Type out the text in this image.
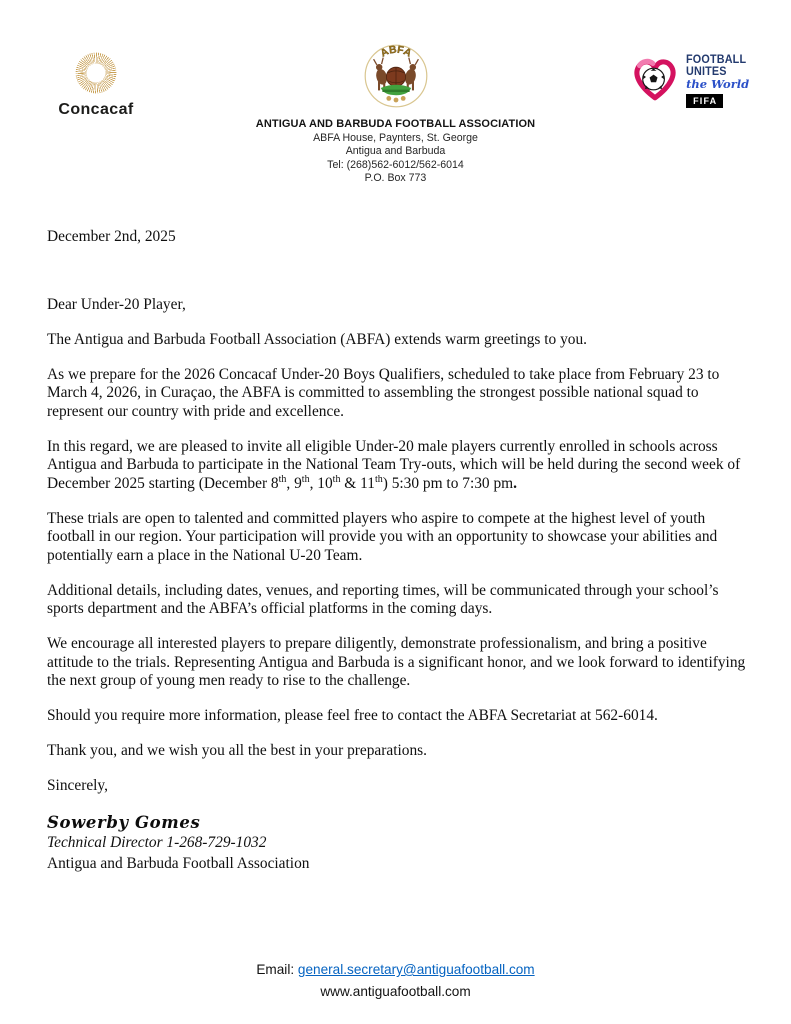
Concacaf
ABFA
ANTIGUA AND BARBUDA FOOTBALL ASSOCIATION
ABFA House, Paynters, St. George
Antigua and Barbuda
Tel: (268)562-6012/562-6014
P.O. Box 773
FOOTBALL
UNITES
the World
FIFA

December 2nd, 2025

Dear Under-20 Player,

The Antigua and Barbuda Football Association (ABFA) extends warm greetings to you.

As we prepare for the 2026 Concacaf Under-20 Boys Qualifiers, scheduled to take place from February 23 to March 4, 2026, in Curaçao, the ABFA is committed to assembling the strongest possible national squad to represent our country with pride and excellence.

In this regard, we are pleased to invite all eligible Under-20 male players currently enrolled in schools across Antigua and Barbuda to participate in the National Team Try-outs, which will be held during the second week of December 2025 starting (December 8th, 9th, 10th & 11th) 5:30 pm to 7:30 pm.

These trials are open to talented and committed players who aspire to compete at the highest level of youth football in our region. Your participation will provide you with an opportunity to showcase your abilities and potentially earn a place in the National U-20 Team.

Additional details, including dates, venues, and reporting times, will be communicated through your school’s sports department and the ABFA’s official platforms in the coming days.

We encourage all interested players to prepare diligently, demonstrate professionalism, and bring a positive attitude to the trials. Representing Antigua and Barbuda is a significant honor, and we look forward to identifying the next group of young men ready to rise to the challenge.

Should you require more information, please feel free to contact the ABFA Secretariat at 562-6014.

Thank you, and we wish you all the best in your preparations.

Sincerely,

Sowerby Gomes
Technical Director 1-268-729-1032
Antigua and Barbuda Football Association
Email: general.secretary@antiguafootball.com
www.antiguafootball.com
